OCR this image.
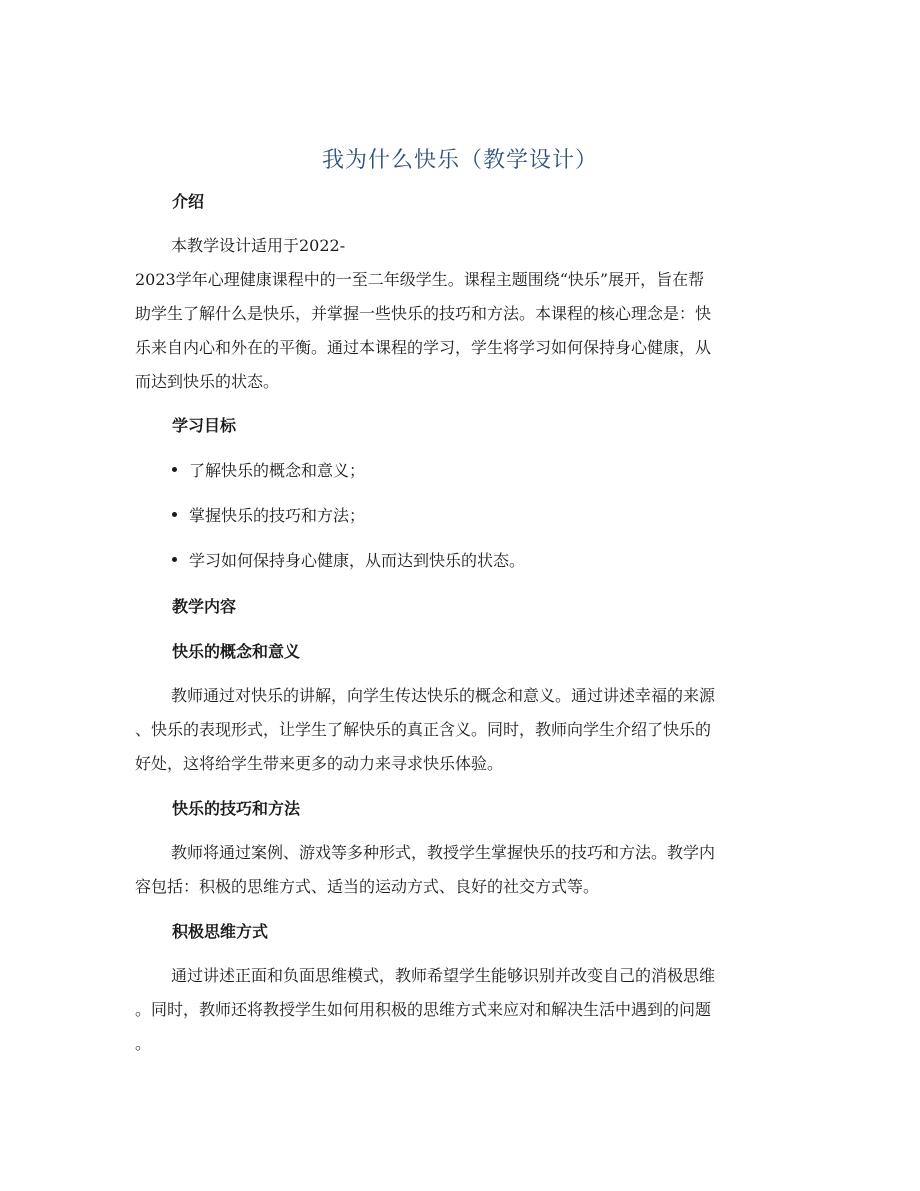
我为什么快乐（教学设计）
介绍
本教学设计适用于2022-
2023学年心理健康课程中的一至二年级学生。课程主题围绕“快乐”展开，旨在帮
助学生了解什么是快乐，并掌握一些快乐的技巧和方法。本课程的核心理念是：快
乐来自内心和外在的平衡。通过本课程的学习，学生将学习如何保持身心健康，从
而达到快乐的状态。
学习目标
了解快乐的概念和意义；
掌握快乐的技巧和方法；
学习如何保持身心健康，从而达到快乐的状态。
教学内容
快乐的概念和意义
教师通过对快乐的讲解，向学生传达快乐的概念和意义。通过讲述幸福的来源
、快乐的表现形式，让学生了解快乐的真正含义。同时，教师向学生介绍了快乐的
好处，这将给学生带来更多的动力来寻求快乐体验。
快乐的技巧和方法
教师将通过案例、游戏等多种形式，教授学生掌握快乐的技巧和方法。教学内
容包括：积极的思维方式、适当的运动方式、良好的社交方式等。
积极思维方式
通过讲述正面和负面思维模式，教师希望学生能够识别并改变自己的消极思维
。同时，教师还将教授学生如何用积极的思维方式来应对和解决生活中遇到的问题
。
